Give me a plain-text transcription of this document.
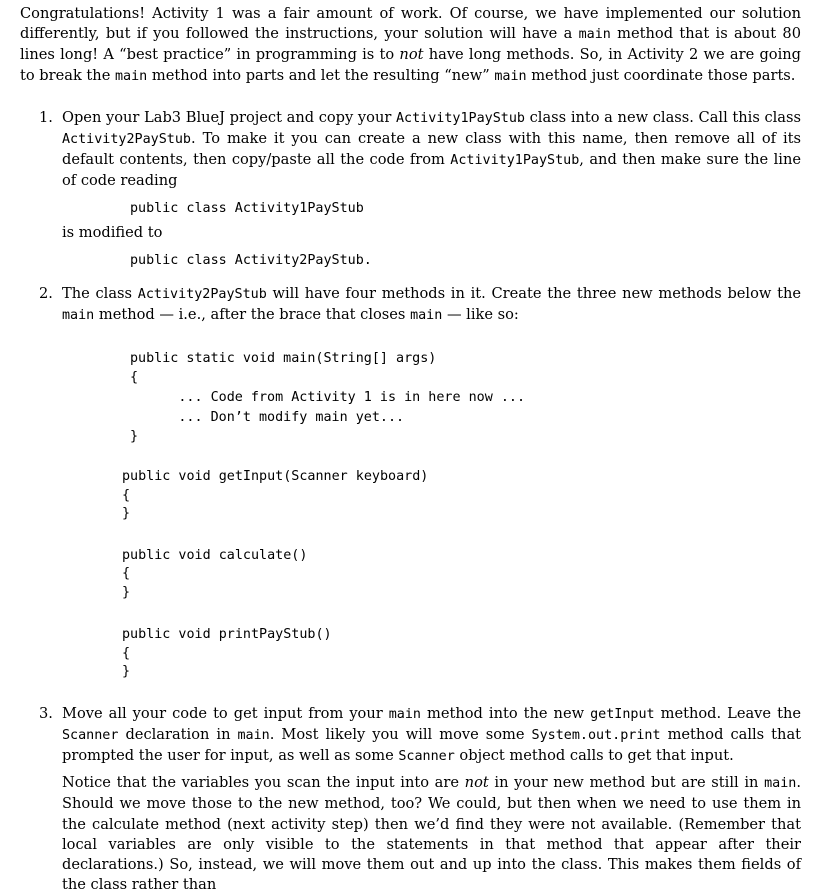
Congratulations! Activity 1 was a fair amount of work. Of course, we have implemented our solution differently, but if you followed the instructions, your solution will have a main method that is about 80 lines long! A “best practice” in programming is to not have long methods. So, in Activity 2 we are going to break the main method into parts and let the resulting “new” main method just coordinate those parts.

1. Open your Lab3 BlueJ project and copy your Activity1PayStub class into a new class. Call this class Activity2PayStub. To make it you can create a new class with this name, then remove all of its default contents, then copy/paste all the code from Activity1PayStub, and then make sure the line of code reading

public class Activity1PayStub

is modified to

public class Activity2PayStub.

2. The class Activity2PayStub will have four methods in it. Create the three new methods below the main method — i.e., after the brace that closes main — like so:

public static void main(String[] args)

{

... Code from Activity 1 is in here now ...

... Don’t modify main yet...

}

public void getInput(Scanner keyboard)

{

}

public void calculate()

{

}

public void printPayStub()

{

}

3. Move all your code to get input from your main method into the new getInput method. Leave the Scanner declaration in main. Most likely you will move some System.out.print method calls that prompted the user for input, as well as some Scanner object method calls to get that input.

Notice that the variables you scan the input into are not in your new method but are still in main. Should we move those to the new method, too? We could, but then when we need to use them in the calculate method (next activity step) then we’d find they were not available. (Remember that local variables are only visible to the statements in that method that appear after their declarations.) So, instead, we will move them out and up into the class. This makes them fields of the class rather than
